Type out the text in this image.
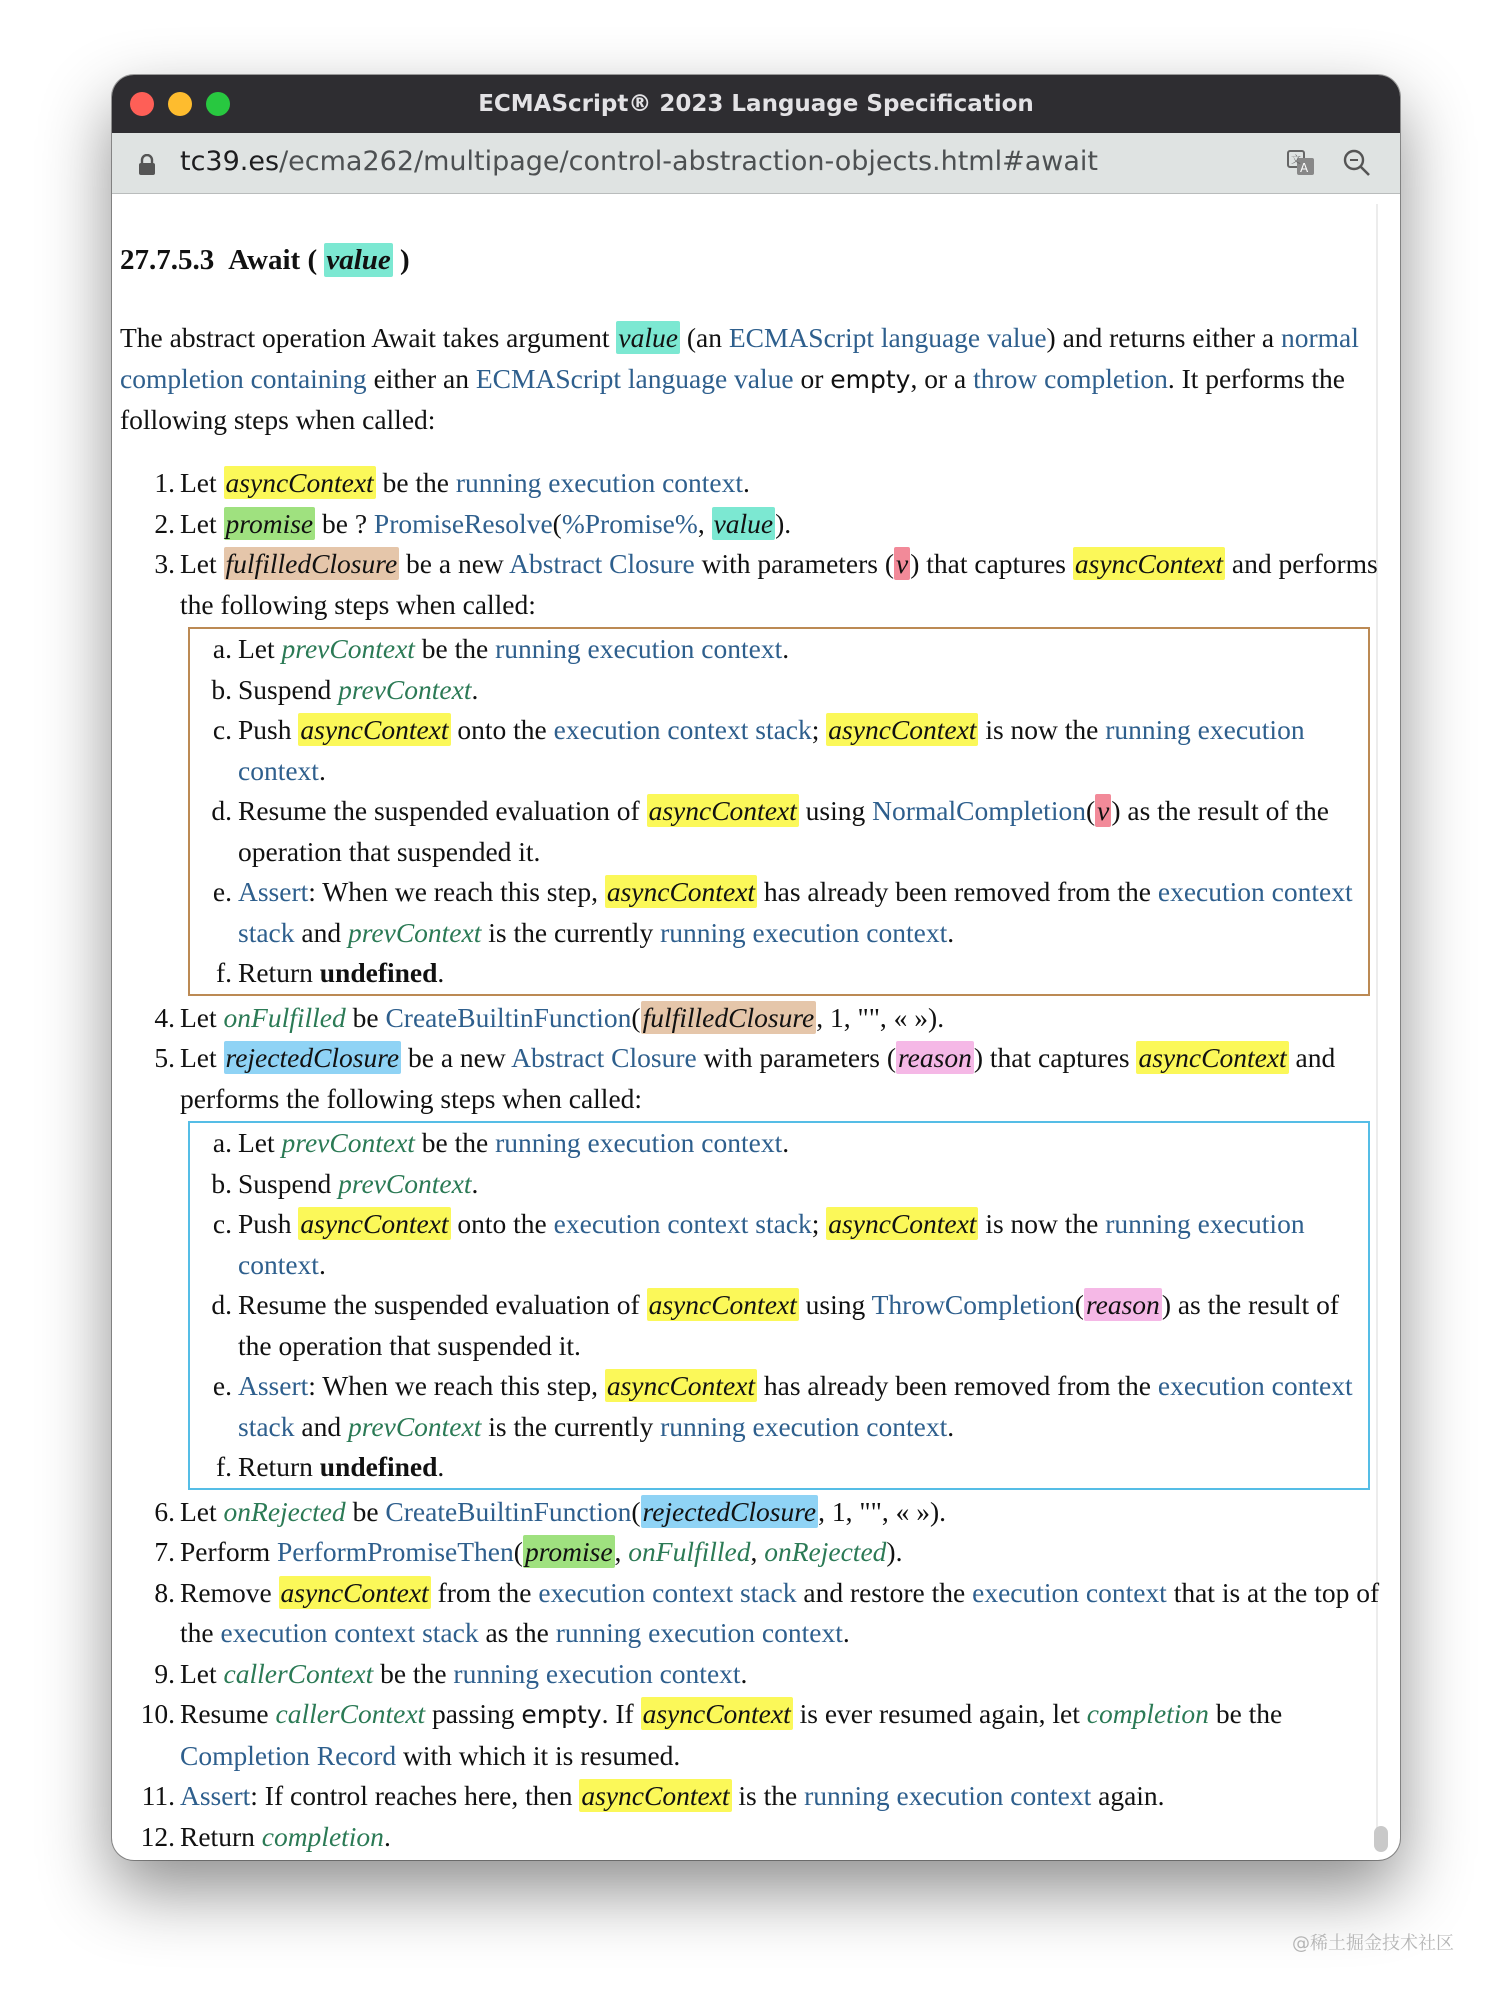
ECMAScript® 2023 Language Specification
tc39.es/ecma262/multipage/control-abstraction-objects.html#await	A
文
27.7.5.3 Await ( value )

The abstract operation Await takes argument value (an ECMAScript language value) and returns either a normal completion containing either an ECMAScript language value or empty, or a throw completion. It performs the following steps when called:

1. Let asyncContext be the running execution context.
2. Let promise be ? PromiseResolve(%Promise%, value).
3. Let fulfilledClosure be a new Abstract Closure with parameters (v) that captures asyncContext and performs the following steps when called:
a. Let prevContext be the running execution context.
b. Suspend prevContext.
c. Push asyncContext onto the execution context stack; asyncContext is now the running execution context.
d. Resume the suspended evaluation of asyncContext using NormalCompletion(v) as the result of the operation that suspended it.
e. Assert: When we reach this step, asyncContext has already been removed from the execution context stack and prevContext is the currently running execution context.
f. Return undefined.
4. Let onFulfilled be CreateBuiltinFunction(fulfilledClosure, 1, "", « »).
5. Let rejectedClosure be a new Abstract Closure with parameters (reason) that captures asyncContext and performs the following steps when called:
a. Let prevContext be the running execution context.
b. Suspend prevContext.
c. Push asyncContext onto the execution context stack; asyncContext is now the running execution context.
d. Resume the suspended evaluation of asyncContext using ThrowCompletion(reason) as the result of the operation that suspended it.
e. Assert: When we reach this step, asyncContext has already been removed from the execution context stack and prevContext is the currently running execution context.
f. Return undefined.
6. Let onRejected be CreateBuiltinFunction(rejectedClosure, 1, "", « »).
7. Perform PerformPromiseThen(promise, onFulfilled, onRejected).
8. Remove asyncContext from the execution context stack and restore the execution context that is at the top of the execution context stack as the running execution context.
9. Let callerContext be the running execution context.
10. Resume callerContext passing empty. If asyncContext is ever resumed again, let completion be the Completion Record with which it is resumed.
11. Assert: If control reaches here, then asyncContext is the running execution context again.
12. Return completion.
@稀土掘金技术社区
